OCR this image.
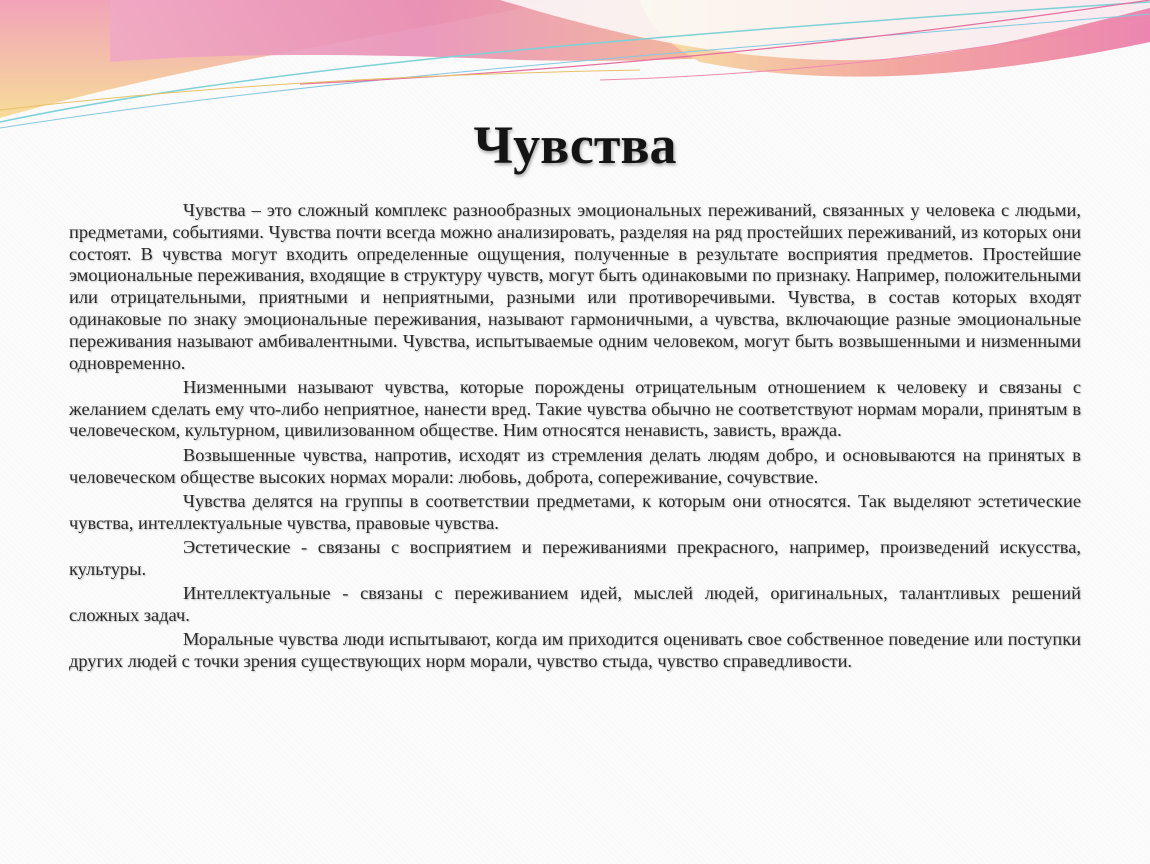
Чувства

Чувства – это сложный комплекс разнообразных эмоциональных переживаний, связанных у человека с людьми, предметами, событиями. Чувства почти всегда можно анализировать, разделяя на ряд простейших переживаний, из которых они состоят. В чувства могут входить определенные ощущения, полученные в результате восприятия предметов. Простейшие эмоциональные переживания, входящие в структуру чувств, могут быть одинаковыми по признаку. Например, положительными или отрицательными, приятными и неприятными, разными или противоречивыми. Чувства, в состав которых входят одинаковые по знаку эмоциональные переживания, называют гармоничными, а чувства, включающие разные эмоциональные переживания называют амбивалентными. Чувства, испытываемые одним человеком, могут быть возвышенными и низменными одновременно.

Низменными называют чувства, которые порождены отрицательным отношением к человеку и связаны с желанием сделать ему что-либо неприятное, нанести вред. Такие чувства обычно не соответствуют нормам морали, принятым в человеческом, культурном, цивилизованном обществе. Ним относятся ненависть, зависть, вражда.

Возвышенные чувства, напротив, исходят из стремления делать людям добро, и основываются на принятых в человеческом обществе высоких нормах морали: любовь, доброта, сопереживание, сочувствие.

Чувства делятся на группы в соответствии предметами, к которым они относятся. Так выделяют эстетические чувства, интеллектуальные чувства, правовые чувства.

Эстетические - связаны с восприятием и переживаниями прекрасного, например, произведений искусства, культуры.

Интеллектуальные - связаны с переживанием идей, мыслей людей, оригинальных, талантливых решений сложных задач.

Моральные чувства люди испытывают, когда им приходится оценивать свое собственное поведение или поступки других людей с точки зрения существующих норм морали, чувство стыда, чувство справедливости.
